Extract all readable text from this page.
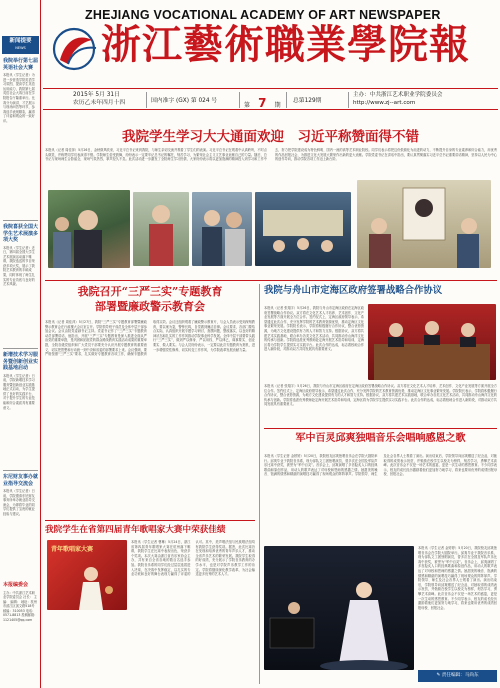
新闻提要
NEWS
我院举行第七届英语社会大赛
本报讯（学生记者）为进一步营造学院英语学习氛围，提高学生英语运用能力，我院第七届英语社会大赛日前在学院报告厅隆重举行。比赛分为演讲、才艺展示与现场问答等环节，参赛选手表现精彩，赢得了评委和观众的一致好评。
我院喜获全国大学生艺术展演多项大奖
本报讯（学生记者）近日，第四届全国大学生艺术展演活动落下帷幕，我院选送的节目荣获多项大奖，展示了我院艺术教育的丰硕成果，同时体现了师生扎实的专业功底与良好的艺术风貌。
新增技术学习服务暨创新创业实践基地启动
本报讯（学生记者）日前，学院新增技术学习服务暨创新创业实践基地正式启动，为学生提供了良好的实践平台，对于提升学生的专业技能和综合素质具有重要意义。
东尼财友事办就业指导交流会
本报讯（学生记者）日前，学院邀请东尼财友事务所举办就业指导交流会，为即将毕业的同学们提供了宝贵的就业经验与建议。
本报编委会
主办：中共浙江艺术职业学院委员会 社长： 主编： 编辑： 地址：杭州市滨江区滨文路518号 邮编：310053 电话：0571-8813 投稿邮箱：1121405@qq.com
ZHEJIANG VOCATIONAL ACADEMY OF ART NEWSPAPER
浙江藝術職業學院報
2015年 5月 31日
农历乙未年四月十四	国内准字 (GX) 第 024 号
第 7 期
总第129期
主办：中共浙江艺术职业学院委员会
http://www.zj--art.com
我院学生学习大大通面欢迎　习近平称赞面得不错
本报讯（记者 周佳萍）5月26日，金秋微风吹来，习近平总书记来到我院，与师生亲切交流并观看了学生们的表演。习近平总书记在观看中认真聆听，不时点头微笑，并称赞同学们表演得不错。学院师生倍受鼓舞，纷纷表示一定要牢记总书记的嘱托，刻苦学习，为繁荣社会主义文艺事业贡献自己的力量。随后，总书记与现场师生合影留念，现场气氛热烈，掌声经久不息。此次活动进一步激发了全院师生学习热情，大家纷纷表示将以更加饱满的精神投入到学习和工作中去，努力把学院建设成为特色鲜明、国内一流的高等艺术职业院校。同学们表示将把这份鼓励化为前进的动力，不断提升自身的专业素养和综合能力，用优秀的作品回报社会，为推进文化大发展大繁荣作出新的更大贡献。学院党委书记在讲话中指出，要认真贯彻落实习近平总书记重要讲话精神，坚持以人民为中心的创作导向，推动学院各项工作迈上新台阶。
我院召开“三严三实”专题教育
部署暨廉政警示教育会
本报讯（记者 周佳萍）5月27日，我院“三严三实”专题教育部署暨廉政警示教育会在行政楼大会议室召开。学院领导班子成员及全体中层干部参加会议。会议由院党委副书记主持。党委书记作了“三严三实”专题教育动员部署讲话，他指出，开展“三严三实”专题教育是深入推进全面从严治党的重要举措，是巩固和拓展党的群众路线教育实践活动成果的重要举措，全院各级党组织和广大党员干部要充分认识开展专题教育的重要意义，切实把思想和行动统一到中央和省委的部署要求上来。会议强调，要严格按照“三严三实”要求，扎实做好专题教育各项工作，确保专题教育取得实效。会议还组织观看了廉政警示教育片，与会人员表示受到深刻教育，要以案为鉴，警钟长鸣，自觉做到廉洁自律。会议要求，各部门要结合实际，认真组织开展专题学习研讨，查摆问题，整改落实，以良好的精神状态和扎实的工作作风推动学院事业科学发展。全体中层干部要带头践行“三严三实”，做到严以修身、严以用权、严以律己，谋事要实、创业要实、做人要实。与会人员纷纷表示，一定要以此次专题教育为契机，进一步增强党性修养，切实转变工作作风，为学院改革发展贡献力量。
我院学生在省第四届青年歌唱家大赛中荣获佳绩
青年歌唱家大赛
本报讯（学生记者 曹琳）5月24日，浙江省第四届青年歌唱家大赛在杭州落下帷幕，我院学生在比赛中表现出色，荣获多个奖项。本次大赛由浙江省音乐家协会主办，共有来自全省各地的数百名选手参加。我院音乐系的同学们经过层层选拔进入决赛，在决赛中发挥稳定，以扎实的专业功底和良好的舞台表现力赢得了评委的认可。其中，美声唱法组与民族唱法组均有我院学生获得奖项。据悉，此次比赛旨在发现和培养优秀的青年声乐人才，推动全省声乐艺术的繁荣发展。我院学生取得的好成绩，充分展示了学院音乐教育的办学水平，也是对学院声乐教学工作的肯定。学院将继续深化教学改革，为社会输送更多优秀的艺术人才。
我院与舟山市定海区政府签署战略合作协议
本报讯（记者 张翔宇）5月26日，我院与舟山市定海区政府在定海区政府签署战略合作协议。双方将在文化艺术人才培养、艺术创作、文化产业发展等方面开展全方位合作。签约仪式上，定海区政府领导表示，希望通过此次合作，充分发挥学院的艺术教育资源优势，推动定海区文化事业繁荣发展。学院院长表示，学院将积极履行合作协议，整合优势资源，为地方文化建设提供有力的人才和智力支持。根据协议，双方将共建艺术实践基地，联合举办各类文化艺术活动，共同推动舟山海洋文化的传承与创新。学院将选派优秀教师赴定海开展艺术指导和培训，定海区将为学院学生提供实习实践平台。此次合作的达成，标志着校地合作进入新阶段，对推动双方共同发展具有重要意义。
本报讯（记者 张翔宇）5月26日，我院与舟山市定海区政府在定海区政府签署战略合作协议。双方将在文化艺术人才培养、艺术创作、文化产业发展等方面开展全方位合作。签约仪式上，定海区政府领导表示，希望通过此次合作，充分发挥学院的艺术教育资源优势，推动定海区文化事业繁荣发展。学院院长表示，学院将积极履行合作协议，整合优势资源，为地方文化建设提供有力的人才和智力支持。根据协议，双方将共建艺术实践基地，联合举办各类文化艺术活动，共同推动舟山海洋文化的传承与创新。学院将选派优秀教师赴定海开展艺术指导和培训，定海区将为学院学生提供实习实践平台。此次合作的达成，标志着校地合作进入新阶段，对推动双方共同发展具有重要意义。
军中百灵邱爽独唱音乐会唱响感恩之歌
本报讯（学生记者 金婷婷）5月20日，我院校友邱爽独唱音乐会在学院大剧院举行。邱爽毕业于我院音乐系，现为部队文工团独唱演员，曾多次在全国及军队声乐比赛中获奖，被誉为“军中百灵”。音乐会上，邱爽演唱了多首脍炙人口的经典歌曲和原创作品，用动人的歌声表达了对母校和恩师的感激之情。她甜美的嗓音、饱满的情感和精湛的演唱技巧赢得了现场观众的阵阵掌声。学院领导、师生及社会各界人士观看了演出。演出结束后，学院领导向邱爽赠送了纪念品，对她取得的成绩表示祝贺，并勉励在校学生以校友为榜样，刻苦学习，勇攀艺术高峰。此次音乐会不仅是一场艺术的盛宴，更是一次生动的感恩教育。不少同学表示，校友的成长经历激励着他们更加努力地学习，将来也要用优秀的成绩回报母校、回报社会。
本报讯（学生记者 金婷婷）5月20日，我院校友邱爽独唱音乐会在学院大剧院举行。邱爽毕业于我院音乐系，现为部队文工团独唱演员，曾多次在全国及军队声乐比赛中获奖，被誉为“军中百灵”。音乐会上，邱爽演唱了多首脍炙人口的经典歌曲和原创作品，用动人的歌声表达了对母校和恩师的感激之情。她甜美的嗓音、饱满的情感和精湛的演唱技巧赢得了现场观众的阵阵掌声。学院领导、师生及社会各界人士观看了演出。演出结束后，学院领导向邱爽赠送了纪念品，对她取得的成绩表示祝贺，并勉励在校学生以校友为榜样，刻苦学习，勇攀艺术高峰。此次音乐会不仅是一场艺术的盛宴，更是一次生动的感恩教育。不少同学表示，校友的成长经历激励着他们更加努力地学习，将来也要用优秀的成绩回报母校、回报社会。
✎ 责任编辑：马尚东
